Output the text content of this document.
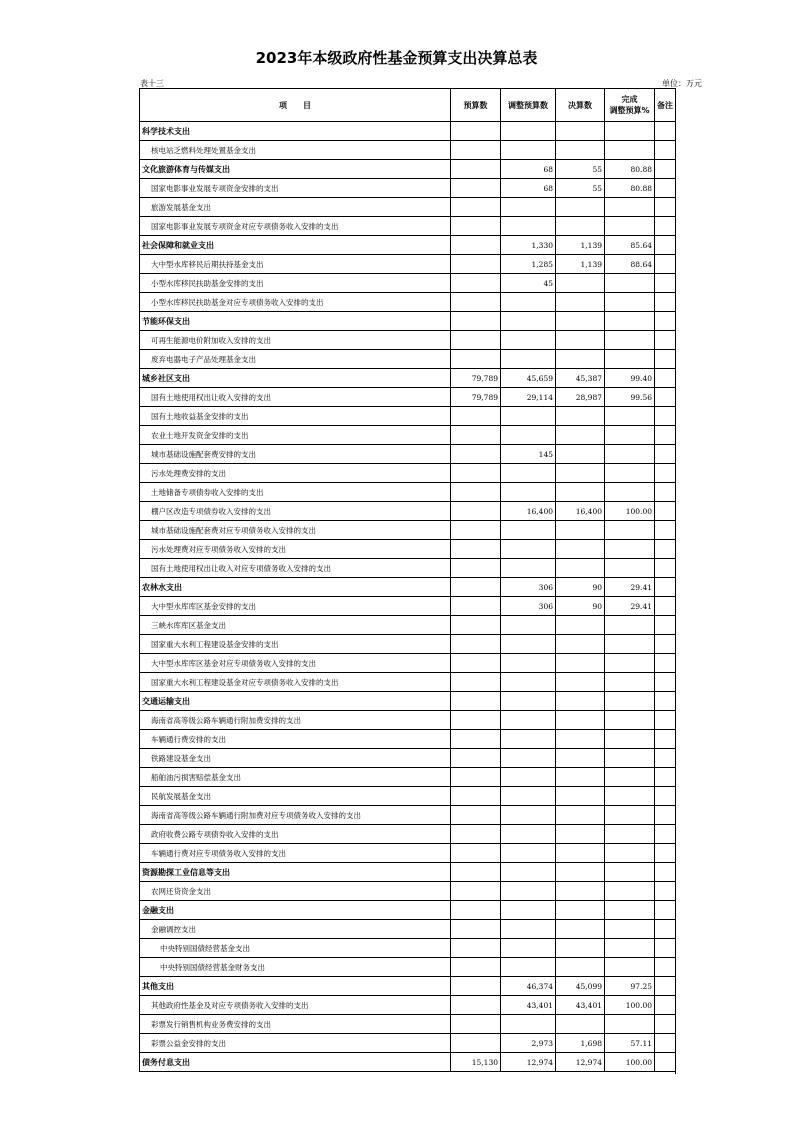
2023年本级政府性基金预算支出决算总表
表十三	单位：万元
项　　目	预算数	调整预算数	决算数	完成
调整预算%	备注
科学技术支出					
核电站乏燃料处理处置基金支出					
文化旅游体育与传媒支出		68	55	80.88	
国家电影事业发展专项资金安排的支出		68	55	80.88	
旅游发展基金支出					
国家电影事业发展专项资金对应专项债务收入安排的支出					
社会保障和就业支出		1,330	1,139	85.64	
大中型水库移民后期扶持基金支出		1,285	1,139	88.64	
小型水库移民扶助基金安排的支出		45			
小型水库移民扶助基金对应专项债务收入安排的支出					
节能环保支出					
可再生能源电价附加收入安排的支出					
废弃电器电子产品处理基金支出					
城乡社区支出	79,789	45,659	45,387	99.40	
国有土地使用权出让收入安排的支出	79,789	29,114	28,987	99.56	
国有土地收益基金安排的支出					
农业土地开发资金安排的支出					
城市基础设施配套费安排的支出		145			
污水处理费安排的支出					
土地储备专项债券收入安排的支出					
棚户区改造专项债券收入安排的支出		16,400	16,400	100.00	
城市基础设施配套费对应专项债务收入安排的支出					
污水处理费对应专项债务收入安排的支出					
国有土地使用权出让收入对应专项债务收入安排的支出					
农林水支出		306	90	29.41	
大中型水库库区基金安排的支出		306	90	29.41	
三峡水库库区基金支出					
国家重大水利工程建设基金安排的支出					
大中型水库库区基金对应专项债务收入安排的支出					
国家重大水利工程建设基金对应专项债务收入安排的支出					
交通运输支出					
海南省高等级公路车辆通行附加费安排的支出					
车辆通行费安排的支出					
铁路建设基金支出					
船舶油污损害赔偿基金支出					
民航发展基金支出					
海南省高等级公路车辆通行附加费对应专项债务收入安排的支出					
政府收费公路专项债券收入安排的支出					
车辆通行费对应专项债务收入安排的支出					
资源勘探工业信息等支出					
农网还贷资金支出					
金融支出					
金融调控支出					
中央特别国债经营基金支出					
中央特别国债经营基金财务支出					
其他支出		46,374	45,099	97.25	
其他政府性基金及对应专项债务收入安排的支出		43,401	43,401	100.00	
彩票发行销售机构业务费安排的支出					
彩票公益金安排的支出		2,973	1,698	57.11	
债务付息支出	15,130	12,974	12,974	100.00	
